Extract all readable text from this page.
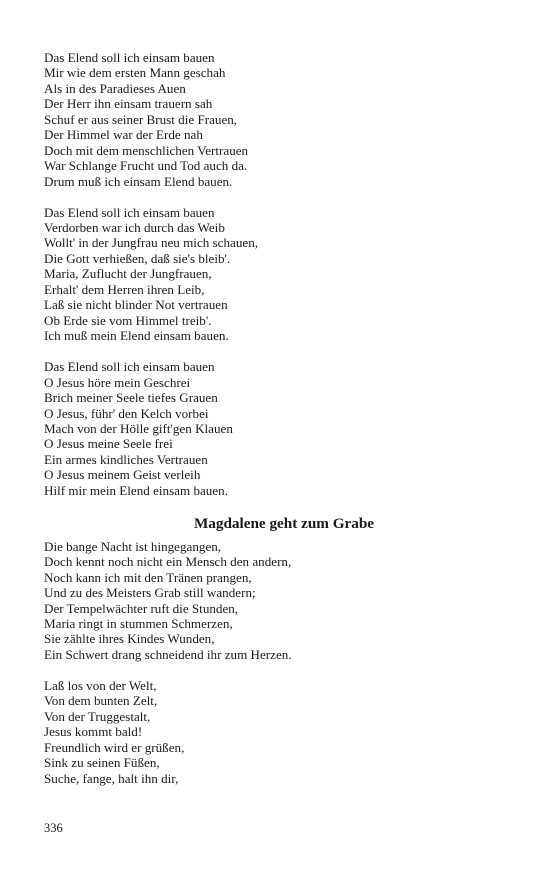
Das Elend soll ich einsam bauen
Mir wie dem ersten Mann geschah
Als in des Paradieses Auen
Der Herr ihn einsam trauern sah
Schuf er aus seiner Brust die Frauen,
Der Himmel war der Erde nah
Doch mit dem menschlichen Vertrauen
War Schlange Frucht und Tod auch da.
Drum muß ich einsam Elend bauen.
Das Elend soll ich einsam bauen
Verdorben war ich durch das Weib
Wollt' in der Jungfrau neu mich schauen,
Die Gott verhießen, daß sie's bleib'.
Maria, Zuflucht der Jungfrauen,
Erhalt' dem Herren ihren Leib,
Laß sie nicht blinder Not vertrauen
Ob Erde sie vom Himmel treib'.
Ich muß mein Elend einsam bauen.
Das Elend soll ich einsam bauen
O Jesus höre mein Geschrei
Brich meiner Seele tiefes Grauen
O Jesus, führ' den Kelch vorbei
Mach von der Hölle gift'gen Klauen
O Jesus meine Seele frei
Ein armes kindliches Vertrauen
O Jesus meinem Geist verleih
Hilf mir mein Elend einsam bauen.
Magdalene geht zum Grabe
Die bange Nacht ist hingegangen,
Doch kennt noch nicht ein Mensch den andern,
Noch kann ich mit den Tränen prangen,
Und zu des Meisters Grab still wandern;
Der Tempelwächter ruft die Stunden,
Maria ringt in stummen Schmerzen,
Sie zählte ihres Kindes Wunden,
Ein Schwert drang schneidend ihr zum Herzen.
Laß los von der Welt,
Von dem bunten Zelt,
Von der Truggestalt,
Jesus kommt bald!
Freundlich wird er grüßen,
Sink zu seinen Füßen,
Suche, fange, halt ihn dir,
336
